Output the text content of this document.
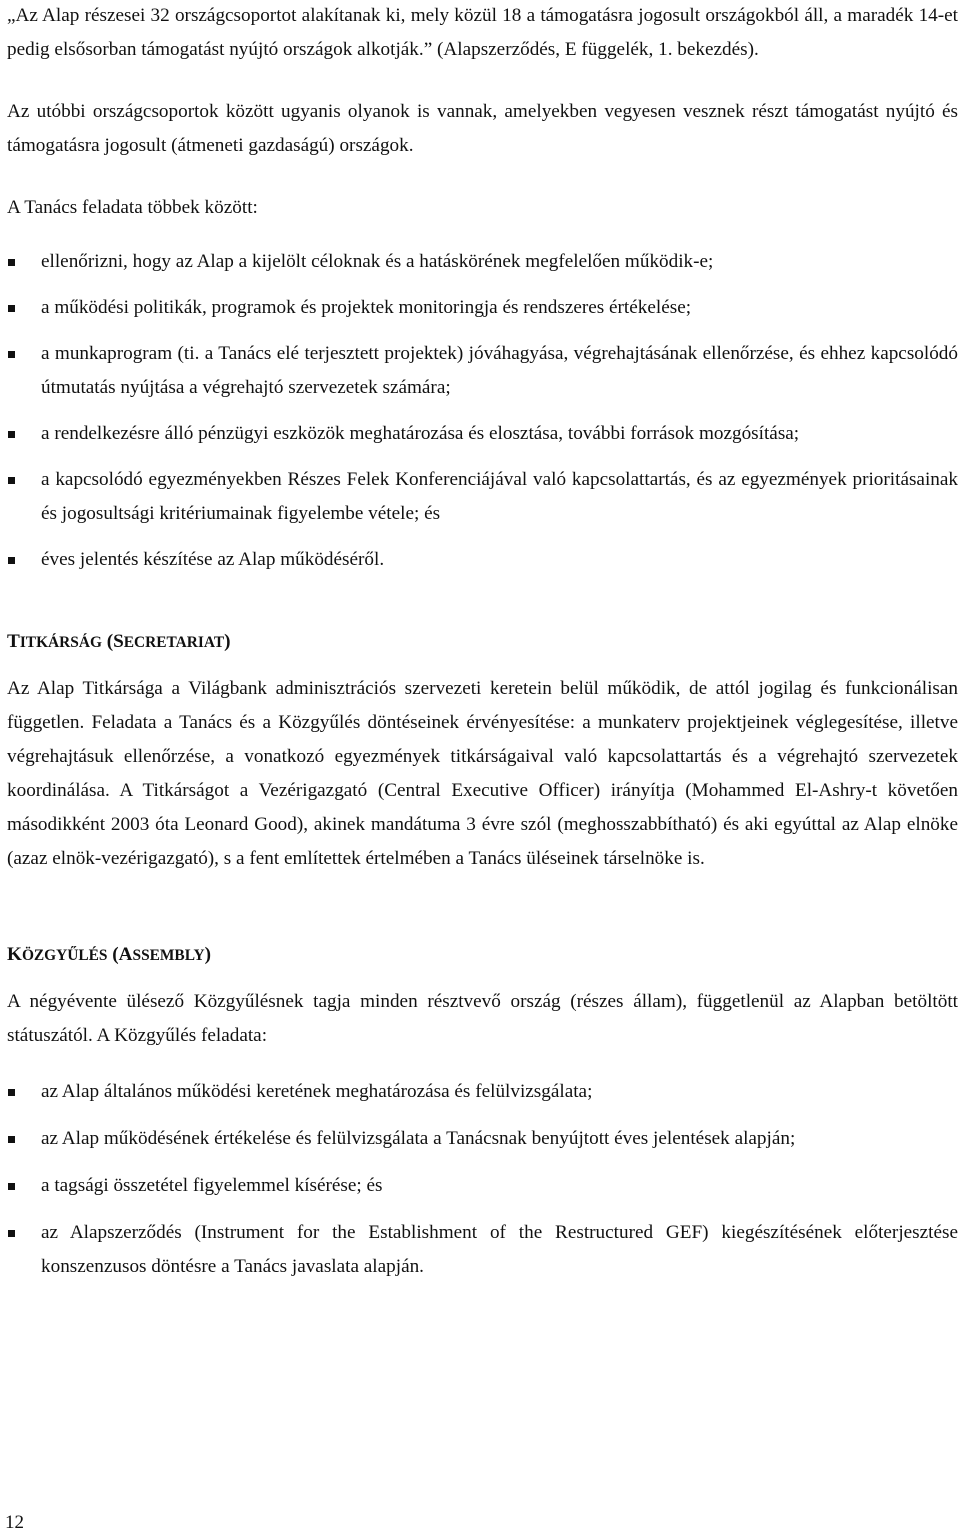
„Az Alap részesei 32 országcsoportot alakítanak ki, mely közül 18 a támogatásra jogosult országokból áll, a maradék 14-et pedig elsősorban támogatást nyújtó országok alkotják.” (Alapszerződés, E függelék, 1. bekezdés).

Az utóbbi országcsoportok között ugyanis olyanok is vannak, amelyekben vegyesen vesznek részt támogatást nyújtó és támogatásra jogosult (átmeneti gazdaságú) országok.

A Tanács feladata többek között:

ellenőrizni, hogy az Alap a kijelölt céloknak és a hatáskörének megfelelően működik-e;
a működési politikák, programok és projektek monitoringja és rendszeres értékelése;
a munkaprogram (ti. a Tanács elé terjesztett projektek) jóváhagyása, végrehajtásának ellenőrzése, és ehhez kapcsolódó útmutatás nyújtása a végrehajtó szervezetek számára;
a rendelkezésre álló pénzügyi eszközök meghatározása és elosztása, további források mozgósítása;
a kapcsolódó egyezményekben Részes Felek Konferenciájával való kapcsolattartás, és az egyezmények prioritásainak és jogosultsági kritériumainak figyelembe vétele; és
éves jelentés készítése az Alap működéséről.
TITKÁRSÁG (SECRETARIAT)

Az Alap Titkársága a Világbank adminisztrációs szervezeti keretein belül működik, de attól jogilag és funkcionálisan független. Feladata a Tanács és a Közgyűlés döntéseinek érvényesítése: a munkaterv projektjeinek véglegesítése, illetve végrehajtásuk ellenőrzése, a vonatkozó egyezmények titkárságaival való kapcsolattartás és a végrehajtó szervezetek koordinálása. A Titkárságot a Vezérigazgató (Central Executive Officer) irányítja (Mohammed El-Ashry-t követően másodikként 2003 óta Leonard Good), akinek mandátuma 3 évre szól (meghosszabbítható) és aki egyúttal az Alap elnöke (azaz elnök-vezérigazgató), s a fent említettek értelmében a Tanács üléseinek társelnöke is.

KÖZGYŰLÉS (ASSEMBLY)

A négyévente ülésező Közgyűlésnek tagja minden résztvevő ország (részes állam), függetlenül az Alapban betöltött státuszától. A Közgyűlés feladata:

az Alap általános működési keretének meghatározása és felülvizsgálata;
az Alap működésének értékelése és felülvizsgálata a Tanácsnak benyújtott éves jelentések alapján;
a tagsági összetétel figyelemmel kísérése; és
az Alapszerződés (Instrument for the Establishment of the Restructured GEF) kiegészítésének előterjesztése konszenzusos döntésre a Tanács javaslata alapján.
12
